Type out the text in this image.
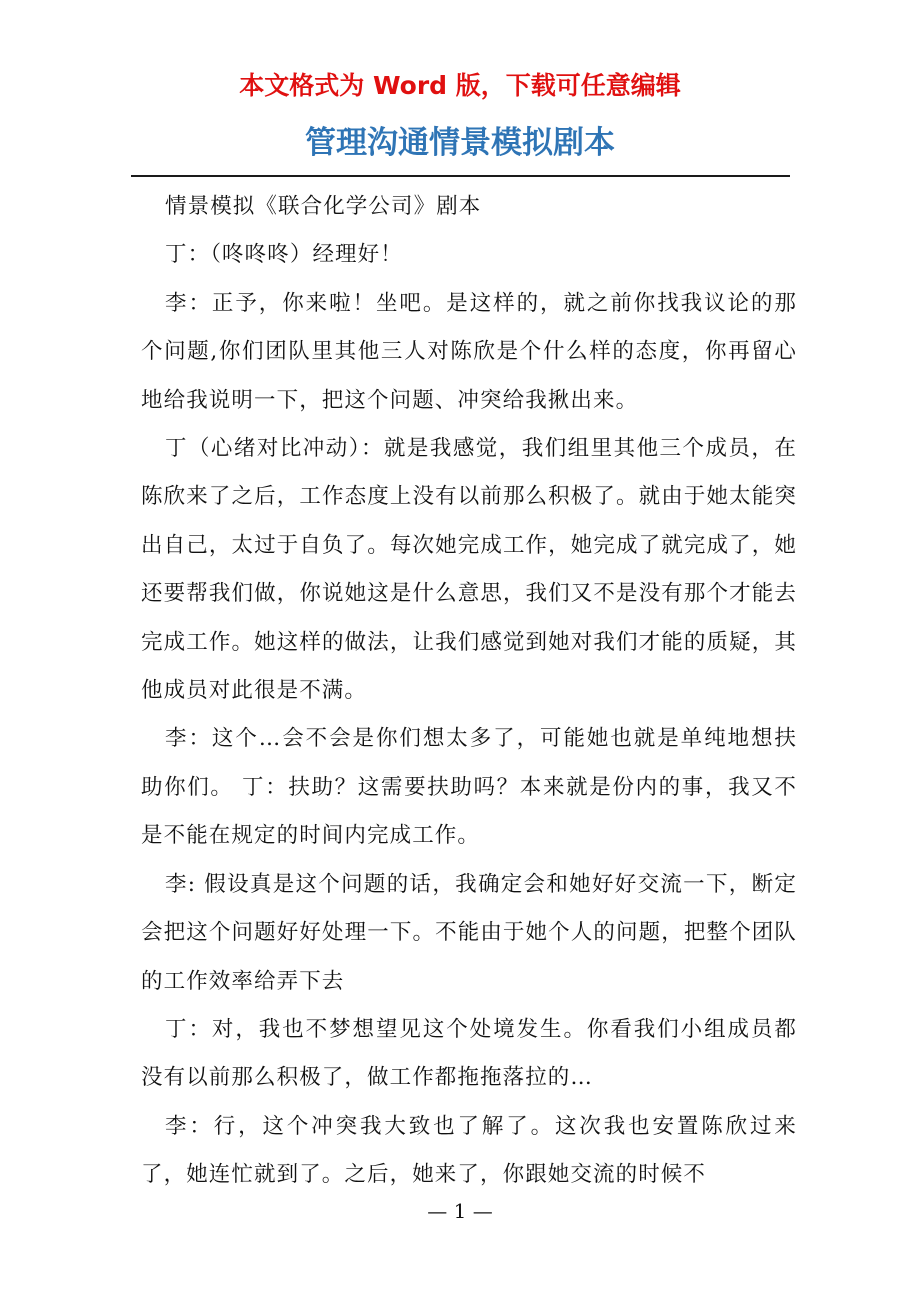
本文格式为 Word 版，下载可任意编辑
管理沟通情景模拟剧本

情景模拟《联合化学公司》剧本

丁：（咚咚咚）经理好！

李：正予，你来啦！坐吧。是这样的，就之前你找我议论的那个问题,你们团队里其他三人对陈欣是个什么样的态度，你再留心地给我说明一下，把这个问题、冲突给我揪出来。

丁（心绪对比冲动）：就是我感觉，我们组里其他三个成员，在陈欣来了之后，工作态度上没有以前那么积极了。就由于她太能突出自己，太过于自负了。每次她完成工作，她完成了就完成了，她还要帮我们做，你说她这是什么意思，我们又不是没有那个才能去完成工作。她这样的做法，让我们感觉到她对我们才能的质疑，其他成员对此很是不满。

李：这个…会不会是你们想太多了，可能她也就是单纯地想扶助你们。 丁：扶助？这需要扶助吗？本来就是份内的事，我又不是不能在规定的时间内完成工作。

李: 假设真是这个问题的话，我确定会和她好好交流一下，断定会把这个问题好好处理一下。不能由于她个人的问题，把整个团队的工作效率给弄下去

丁：对，我也不梦想望见这个处境发生。你看我们小组成员都没有以前那么积极了，做工作都拖拖落拉的…

李：行，这个冲突我大致也了解了。这次我也安置陈欣过来了，她连忙就到了。之后，她来了，你跟她交流的时候不

— 1 —
